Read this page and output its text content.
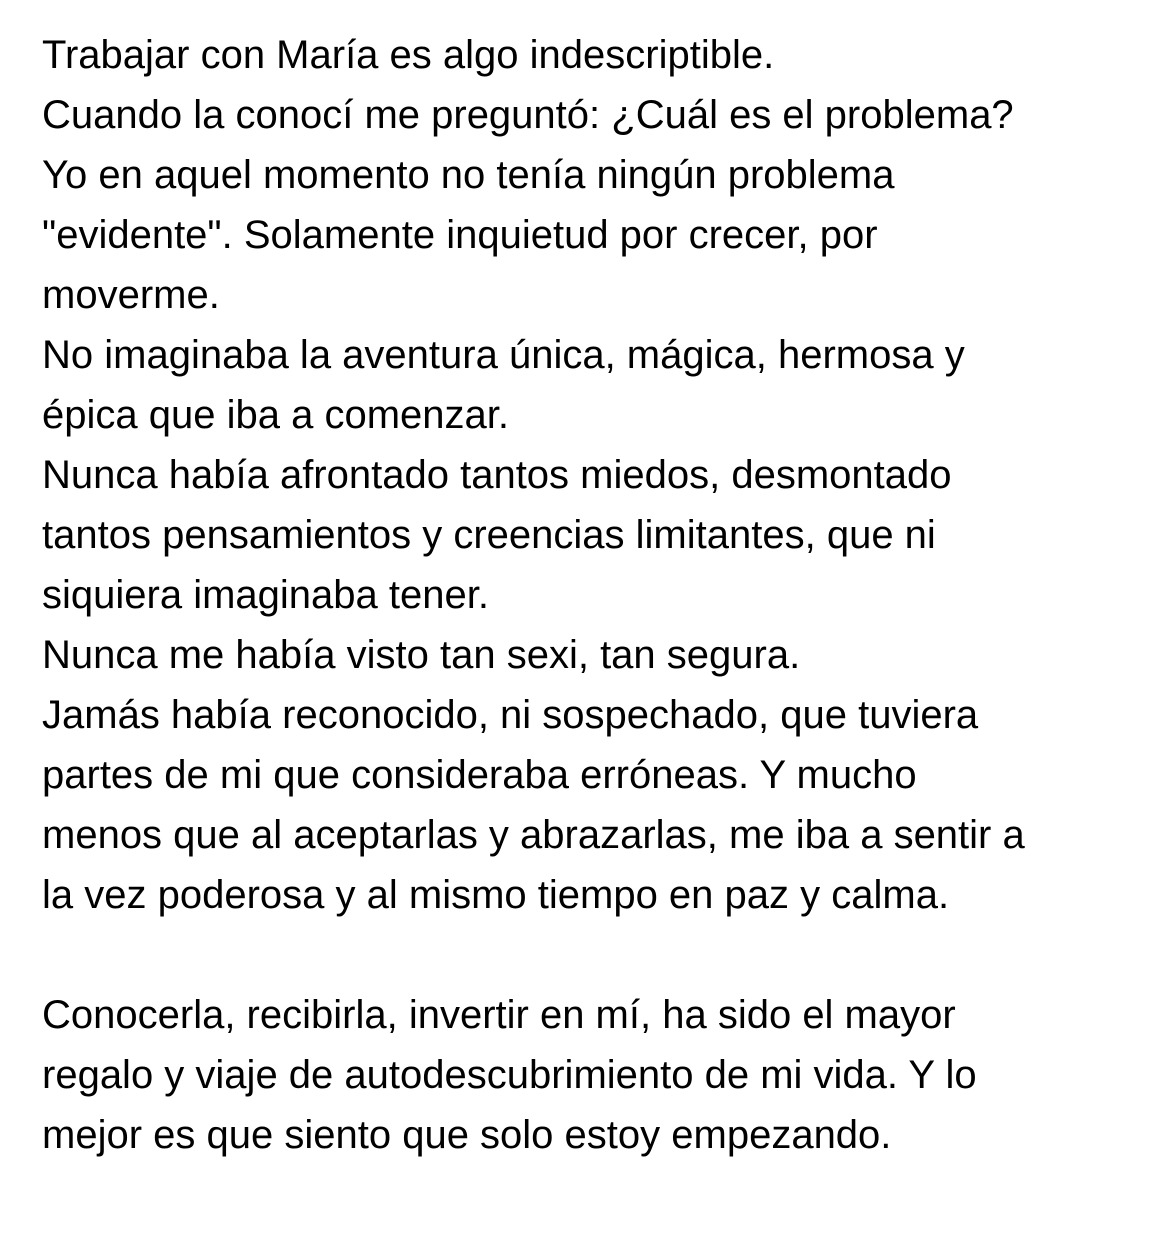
Trabajar con María es algo indescriptible.
Cuando la conocí me preguntó: ¿Cuál es el problema?
Yo en aquel momento no tenía ningún problema
"evidente". Solamente inquietud por crecer, por
moverme.
No imaginaba la aventura única, mágica, hermosa y
épica que iba a comenzar.
Nunca había afrontado tantos miedos, desmontado
tantos pensamientos y creencias limitantes, que ni
siquiera imaginaba tener.
Nunca me había visto tan sexi, tan segura.
Jamás había reconocido, ni sospechado, que tuviera
partes de mi que consideraba erróneas. Y mucho
menos que al aceptarlas y abrazarlas, me iba a sentir a
la vez poderosa y al mismo tiempo en paz y calma.
Conocerla, recibirla, invertir en mí, ha sido el mayor
regalo y viaje de autodescubrimiento de mi vida. Y lo
mejor es que siento que solo estoy empezando.
